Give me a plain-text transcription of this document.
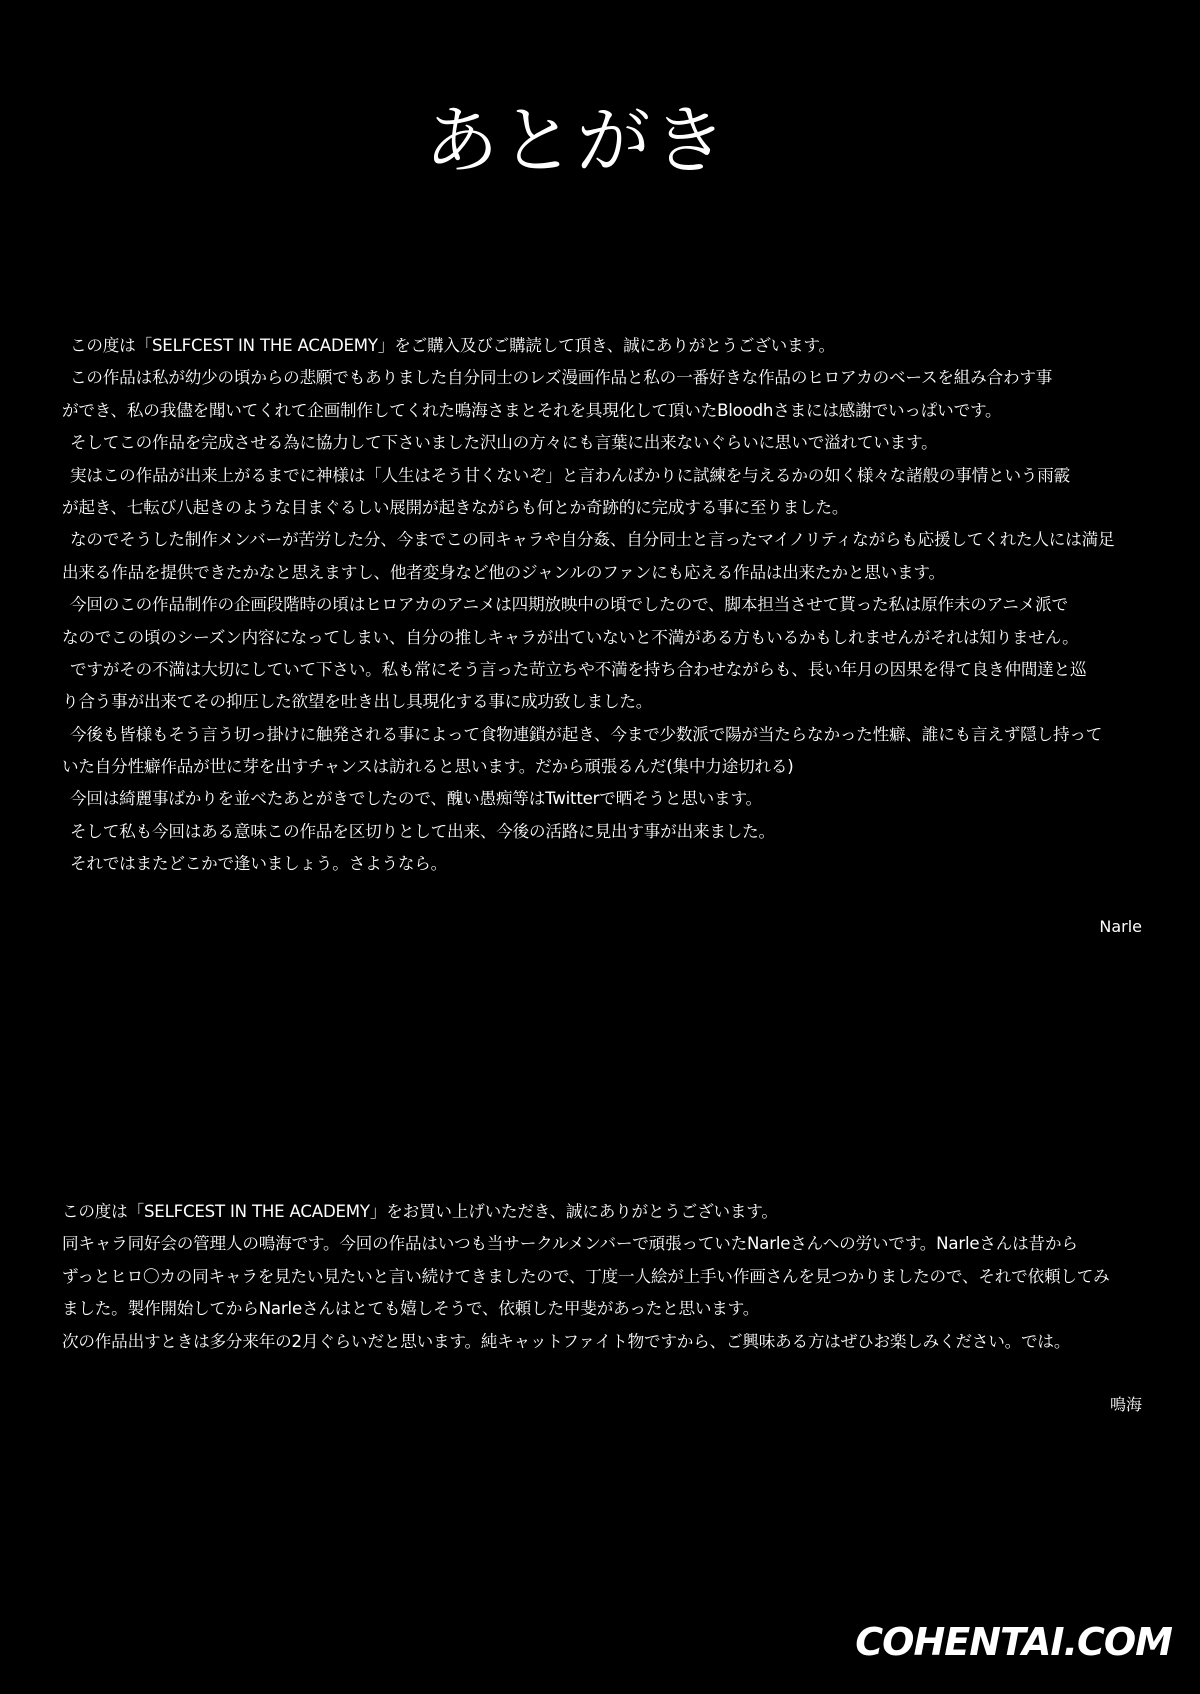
あとがき
この度は「SELFCEST IN THE ACADEMY」をご購入及びご購読して頂き、誠にありがとうございます。
この作品は私が幼少の頃からの悲願でもありました自分同士のレズ漫画作品と私の一番好きな作品のヒロアカのベースを組み合わす事
ができ、私の我儘を聞いてくれて企画制作してくれた鳴海さまとそれを具現化して頂いたBloodhさまには感謝でいっぱいです。
そしてこの作品を完成させる為に協力して下さいました沢山の方々にも言葉に出来ないぐらいに思いで溢れています。
実はこの作品が出来上がるまでに神様は「人生はそう甘くないぞ」と言わんばかりに試練を与えるかの如く様々な諸般の事情という雨霰
が起き、七転び八起きのような目まぐるしい展開が起きながらも何とか奇跡的に完成する事に至りました。
なのでそうした制作メンバーが苦労した分、今までこの同キャラや自分姦、自分同士と言ったマイノリティながらも応援してくれた人には満足
出来る作品を提供できたかなと思えますし、他者変身など他のジャンルのファンにも応える作品は出来たかと思います。
今回のこの作品制作の企画段階時の頃はヒロアカのアニメは四期放映中の頃でしたので、脚本担当させて貰った私は原作未のアニメ派で
なのでこの頃のシーズン内容になってしまい、自分の推しキャラが出ていないと不満がある方もいるかもしれませんがそれは知りません。
ですがその不満は大切にしていて下さい。私も常にそう言った苛立ちや不満を持ち合わせながらも、長い年月の因果を得て良き仲間達と巡
り合う事が出来てその抑圧した欲望を吐き出し具現化する事に成功致しました。
今後も皆様もそう言う切っ掛けに触発される事によって食物連鎖が起き、今まで少数派で陽が当たらなかった性癖、誰にも言えず隠し持って
いた自分性癖作品が世に芽を出すチャンスは訪れると思います。だから頑張るんだ(集中力途切れる)
今回は綺麗事ばかりを並べたあとがきでしたので、醜い愚痴等はTwitterで晒そうと思います。
そして私も今回はある意味この作品を区切りとして出来、今後の活路に見出す事が出来ました。
それではまたどこかで逢いましょう。さようなら。
Narle
この度は「SELFCEST IN THE ACADEMY」をお買い上げいただき、誠にありがとうございます。
同キャラ同好会の管理人の鳴海です。今回の作品はいつも当サークルメンバーで頑張っていたNarleさんへの労いです。Narleさんは昔から
ずっとヒロ〇カの同キャラを見たい見たいと言い続けてきましたので、丁度一人絵が上手い作画さんを見つかりましたので、それで依頼してみ
ました。製作開始してからNarleさんはとても嬉しそうで、依頼した甲斐があったと思います。
次の作品出すときは多分来年の2月ぐらいだと思います。純キャットファイト物ですから、ご興味ある方はぜひお楽しみください。では。
鳴海
COHENTAI.COM
